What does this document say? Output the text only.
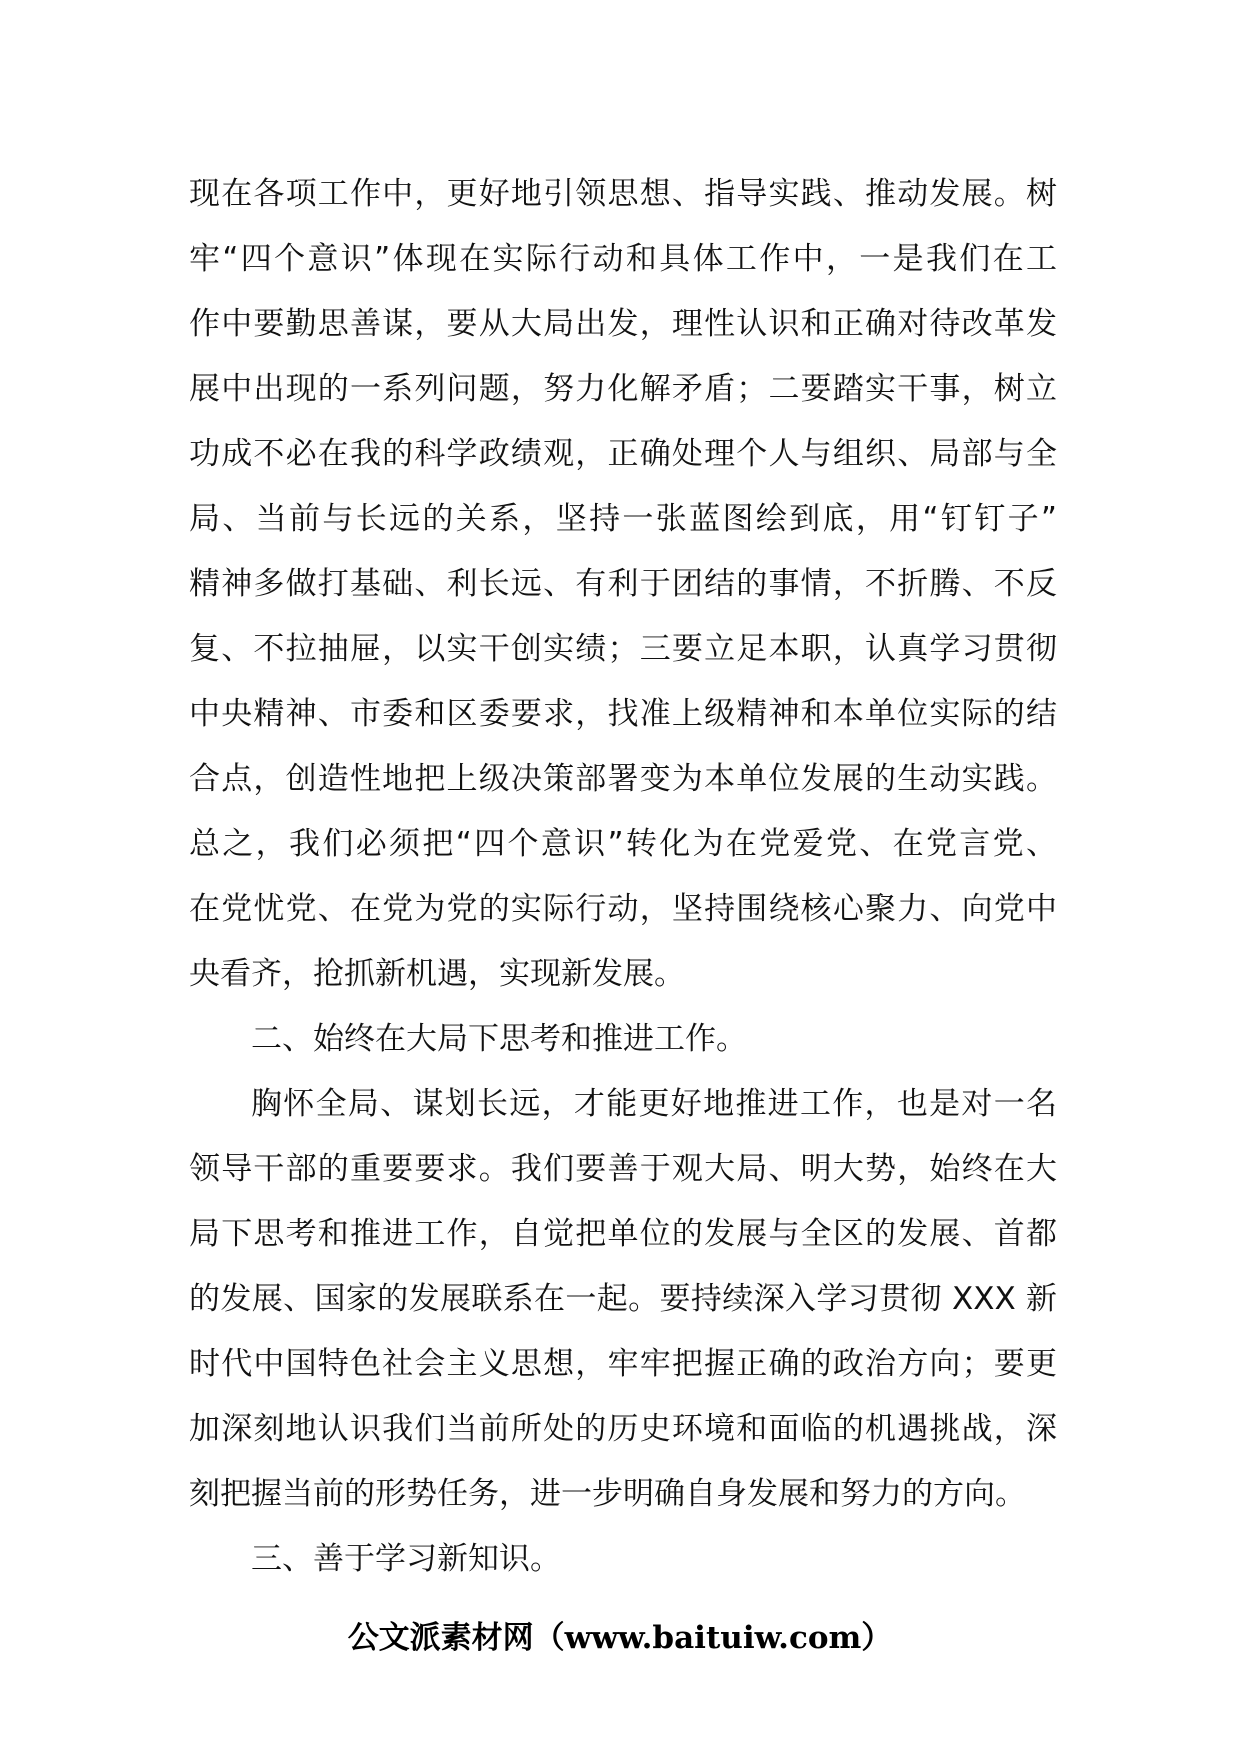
现在各项工作中，更好地引领思想、指导实践、推动发展。树
牢“四个意识”体现在实际行动和具体工作中，一是我们在工
作中要勤思善谋，要从大局出发，理性认识和正确对待改革发
展中出现的一系列问题，努力化解矛盾；二要踏实干事，树立
功成不必在我的科学政绩观，正确处理个人与组织、局部与全
局、当前与长远的关系，坚持一张蓝图绘到底，用“钉钉子”
精神多做打基础、利长远、有利于团结的事情，不折腾、不反
复、不拉抽屉，以实干创实绩；三要立足本职，认真学习贯彻
中央精神、市委和区委要求，找准上级精神和本单位实际的结
合点，创造性地把上级决策部署变为本单位发展的生动实践。
总之，我们必须把“四个意识”转化为在党爱党、在党言党、
在党忧党、在党为党的实际行动，坚持围绕核心聚力、向党中
央看齐，抢抓新机遇，实现新发展。
二、始终在大局下思考和推进工作。
胸怀全局、谋划长远，才能更好地推进工作，也是对一名
领导干部的重要要求。我们要善于观大局、明大势，始终在大
局下思考和推进工作，自觉把单位的发展与全区的发展、首都
的发展、国家的发展联系在一起。要持续深入学习贯彻 XXX 新
时代中国特色社会主义思想，牢牢把握正确的政治方向；要更
加深刻地认识我们当前所处的历史环境和面临的机遇挑战，深
刻把握当前的形势任务，进一步明确自身发展和努力的方向。
三、善于学习新知识。
公文派素材网（www.baituiw.com）
